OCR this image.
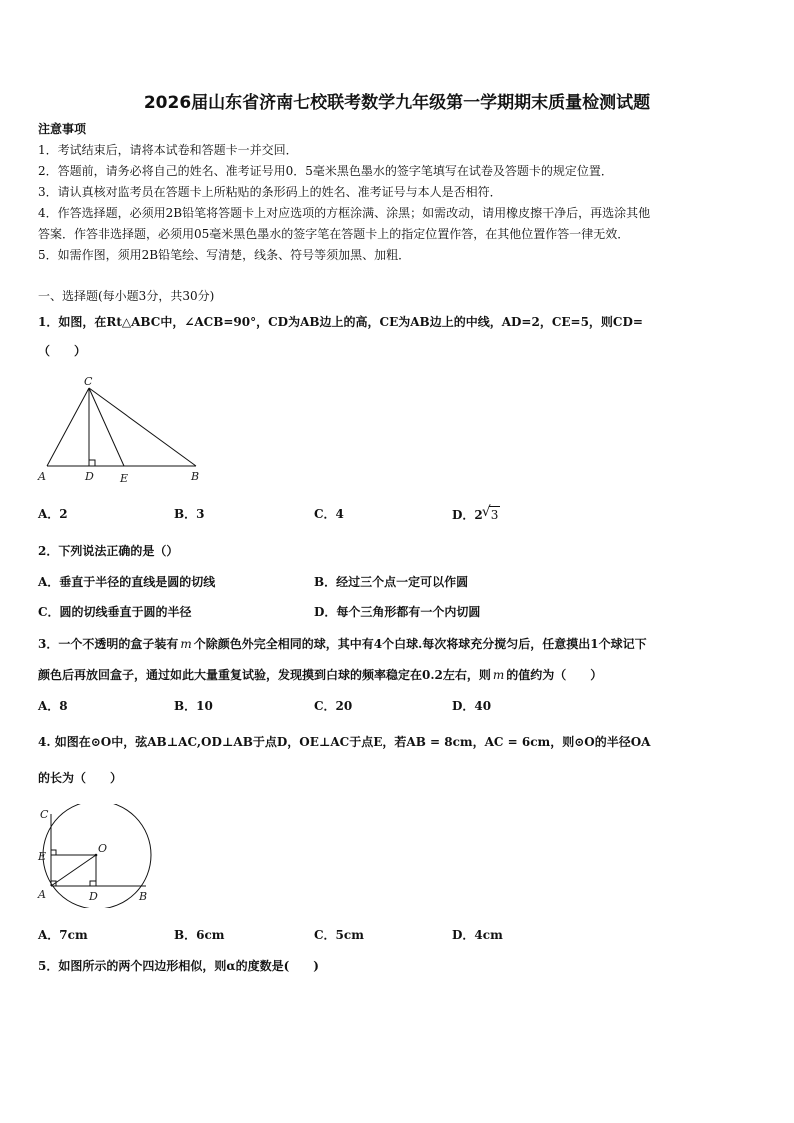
2026届山东省济南七校联考数学九年级第一学期期末质量检测试题
注意事项
1．考试结束后，请将本试卷和答题卡一并交回．
2．答题前，请务必将自己的姓名、准考证号用0．5毫米黑色墨水的签字笔填写在试卷及答题卡的规定位置．
3．请认真核对监考员在答题卡上所粘贴的条形码上的姓名、准考证号与本人是否相符．
4．作答选择题，必须用2B铅笔将答题卡上对应选项的方框涂满、涂黑；如需改动，请用橡皮擦干净后，再选涂其他
答案．作答非选择题，必须用05毫米黑色墨水的签字笔在答题卡上的指定位置作答，在其他位置作答一律无效．
5．如需作图，须用2B铅笔绘、写清楚，线条、符号等须加黑、加粗．
一、选择题(每小题3分，共30分)
1．如图，在Rt△ABC中，∠ACB=90°，CD为AB边上的高，CE为AB边上的中线，AD=2，CE=5，则CD=
（　　）
C
A	D E	B
A．2	B．3	C．4	D．2 √ 3
2．下列说法正确的是（）
A．垂直于半径的直线是圆的切线	B．经过三个点一定可以作圆
C．圆的切线垂直于圆的半径	D．每个三角形都有一个内切圆
3．一个不透明的盒子装有 m 个除颜色外完全相同的球，其中有4个白球.每次将球充分搅匀后，任意摸出1个球记下
颜色后再放回盒子，通过如此大量重复试验，发现摸到白球的频率稳定在0.2左右，则 m 的值约为（　　）
A．8	B．10	C．20	D．40
4. 如图在⊙O中，弦AB⊥AC,OD⊥AB于点D，OE⊥AC于点E，若AB = 8cm，AC = 6cm，则⊙O的半径OA
的长为（　　）
C
E
O
A	D	B
A．7cm	B．6cm	C．5cm	D．4cm
5．如图所示的两个四边形相似，则α的度数是(　　)
